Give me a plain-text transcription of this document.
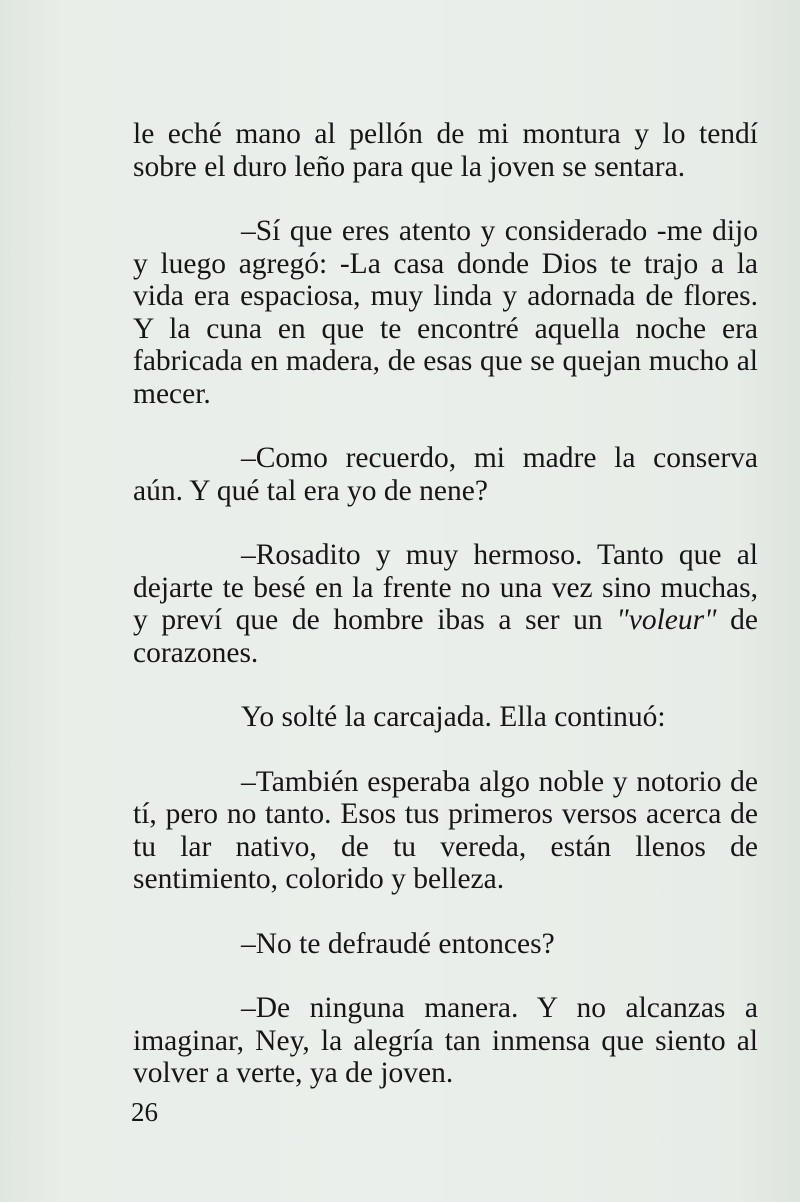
le eché mano al pellón de mi montura y lo tendí sobre el duro leño para que la joven se sentara.

–Sí que eres atento y considerado -me dijo y luego agregó: -La casa donde Dios te trajo a la vida era espaciosa, muy linda y adornada de flores. Y la cuna en que te encontré aquella noche era fabricada en madera, de esas que se quejan mucho al mecer.

–Como recuerdo, mi madre la conserva aún. Y qué tal era yo de nene?

–Rosadito y muy hermoso. Tanto que al dejarte te besé en la frente no una vez sino muchas, y preví que de hombre ibas a ser un "voleur" de corazones.

Yo solté la carcajada. Ella continuó:

–También esperaba algo noble y notorio de tí, pero no tanto. Esos tus primeros versos acerca de tu lar nativo, de tu vereda, están llenos de sentimiento, colorido y belleza.

–No te defraudé entonces?

–De ninguna manera. Y no alcanzas a imaginar, Ney, la alegría tan inmensa que siento al volver a verte, ya de joven.

26
